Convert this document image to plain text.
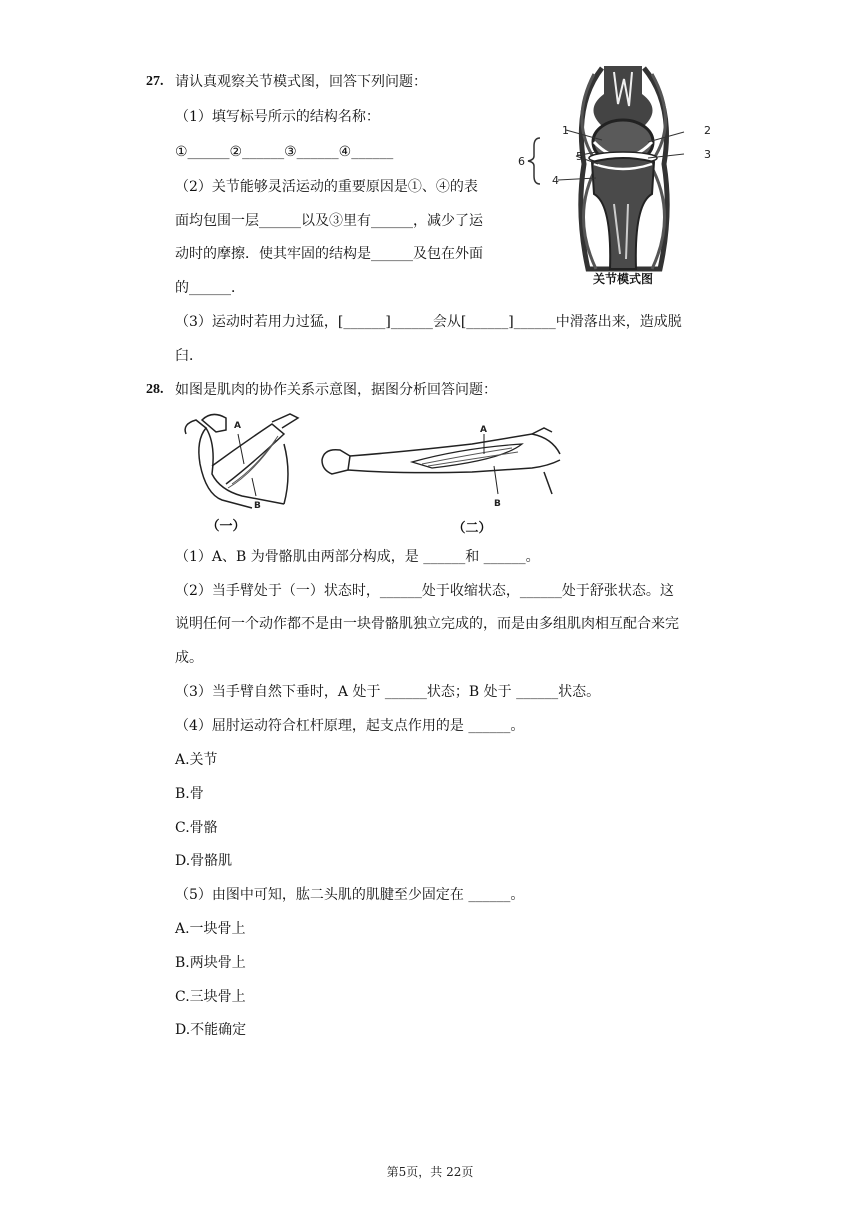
27. 请认真观察关节模式图，回答下列问题：
（1）填写标号所示的结构名称：
①______②______③______④______
（2）关节能够灵活运动的重要原因是①、④的表
面均包围一层______以及③里有______，减少了运
动时的摩擦．使其牢固的结构是______及包在外面
的______．
（3）运动时若用力过猛，[______]______会从[______]______中滑落出来，造成脱
臼．
1	2
3
4
5
6
关节模式图
28. 如图是肌肉的协作关系示意图，据图分析回答问题：
A
B
（一）
A
B
（二）
（1）A、B 为骨骼肌由两部分构成，是 ______和 ______。
（2）当手臂处于（一）状态时，______处于收缩状态，______处于舒张状态。这
说明任何一个动作都不是由一块骨骼肌独立完成的，而是由多组肌肉相互配合来完
成。
（3）当手臂自然下垂时，A 处于 ______状态；B 处于 ______状态。
（4）屈肘运动符合杠杆原理，起支点作用的是 ______。
A.关节
B.骨
C.骨骼
D.骨骼肌
（5）由图中可知，肱二头肌的肌腱至少固定在 ______。
A.一块骨上
B.两块骨上
C.三块骨上
D.不能确定
第5页，共 22页
